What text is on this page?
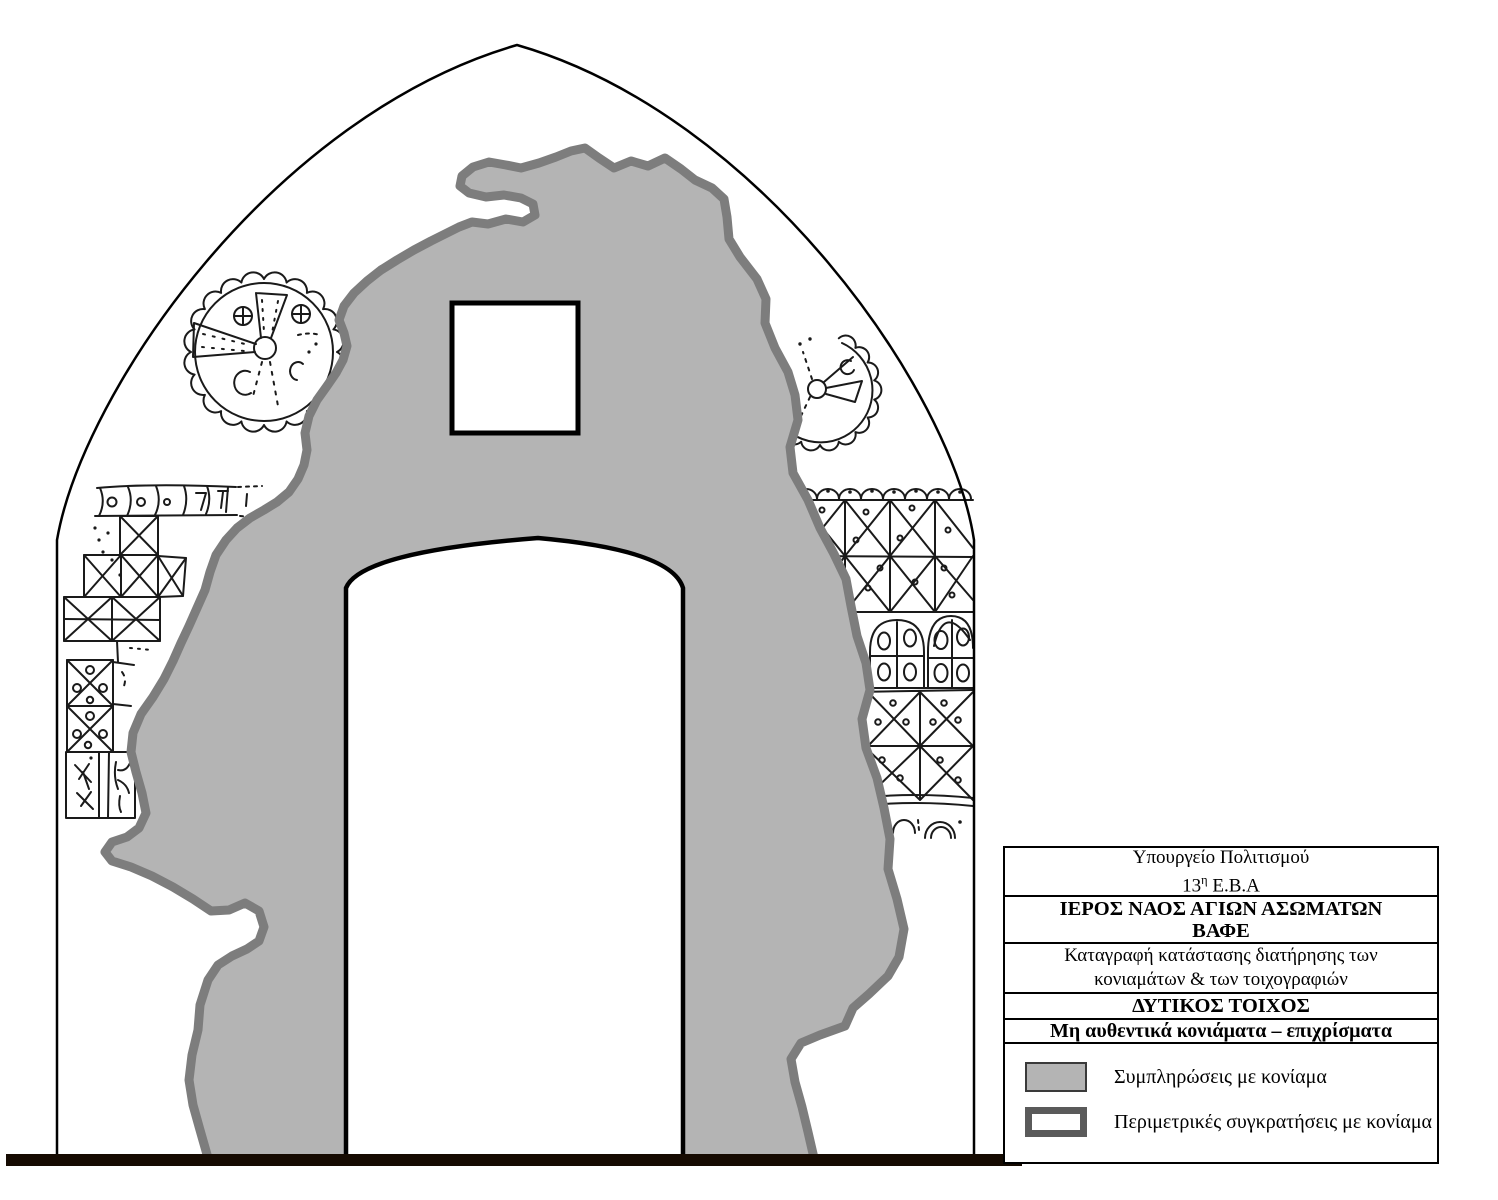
Υπουργείο Πολιτισμού
$13^\eta$ Ε.Β.Α
ΙΕΡΟΣ ΝΑΟΣ ΑΓΙΩΝ ΑΣΩΜΑΤΩΝ
ΒΑΦΕ
Καταγραφή κατάστασης διατήρησης των
κονιαμάτων & των τοιχογραφιών
ΔΥΤΙΚΟΣ ΤΟΙΧΟΣ
Μη αυθεντικά κονιάματα – επιχρίσματα
Συμπληρώσεις με κονίαμα
Περιμετρικές συγκρατήσεις με κονίαμα
